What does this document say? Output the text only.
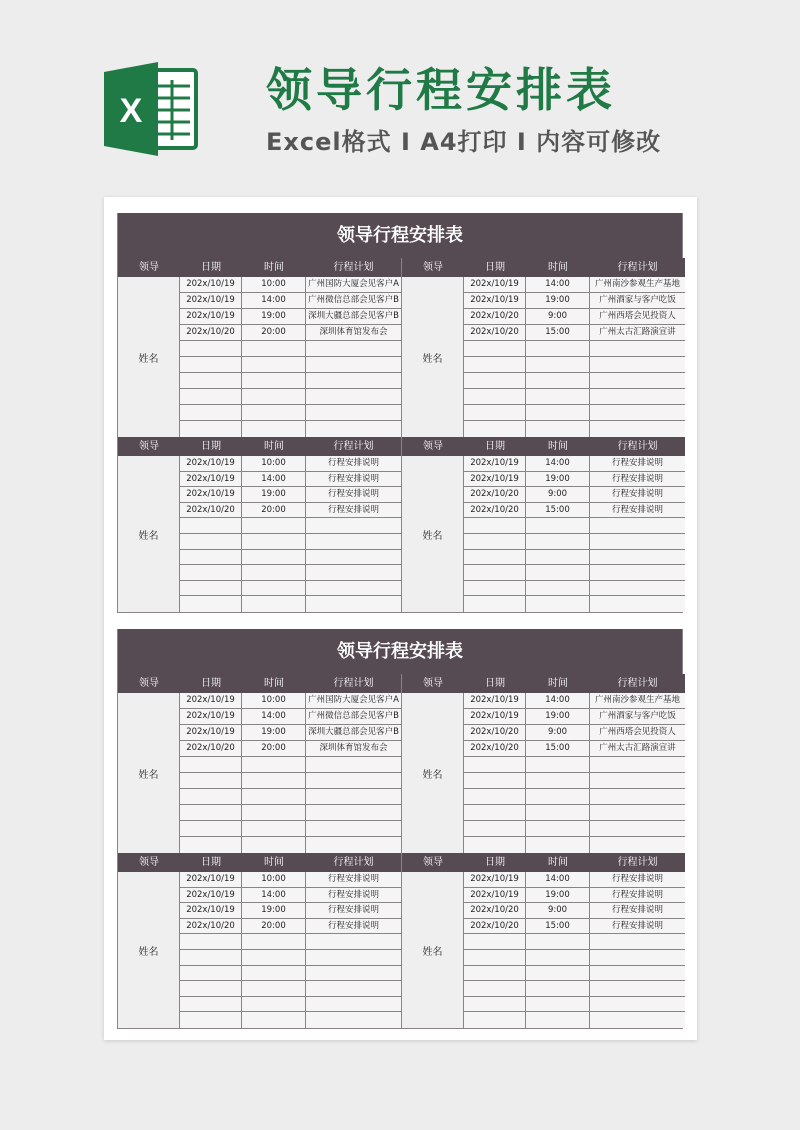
X	领导行程安排表
Excel格式 I A4打印 I 内容可修改
领导行程安排表
领导	日期	时间	行程计划
姓名
202x/10/19	10:00	广州国防大厦会见客户A
202x/10/19	14:00	广州微信总部会见客户B
202x/10/19	19:00	深圳大疆总部会见客户B
202x/10/20	20:00	深圳体育馆发布会
领导	日期	时间	行程计划
姓名
202x/10/19	14:00	广州南沙参观生产基地
202x/10/19	19:00	广州酒家与客户吃饭
202x/10/20	9:00	广州西塔会见投资人
202x/10/20	15:00	广州太古汇路演宣讲
领导	日期	时间	行程计划
姓名
202x/10/19	10:00	行程安排说明
202x/10/19	14:00	行程安排说明
202x/10/19	19:00	行程安排说明
202x/10/20	20:00	行程安排说明
领导	日期	时间	行程计划
姓名
202x/10/19	14:00	行程安排说明
202x/10/19	19:00	行程安排说明
202x/10/20	9:00	行程安排说明
202x/10/20	15:00	行程安排说明
领导行程安排表
领导	日期	时间	行程计划
姓名
202x/10/19	10:00	广州国防大厦会见客户A
202x/10/19	14:00	广州微信总部会见客户B
202x/10/19	19:00	深圳大疆总部会见客户B
202x/10/20	20:00	深圳体育馆发布会
领导	日期	时间	行程计划
姓名
202x/10/19	14:00	广州南沙参观生产基地
202x/10/19	19:00	广州酒家与客户吃饭
202x/10/20	9:00	广州西塔会见投资人
202x/10/20	15:00	广州太古汇路演宣讲
领导	日期	时间	行程计划
姓名
202x/10/19	10:00	行程安排说明
202x/10/19	14:00	行程安排说明
202x/10/19	19:00	行程安排说明
202x/10/20	20:00	行程安排说明
领导	日期	时间	行程计划
姓名
202x/10/19	14:00	行程安排说明
202x/10/19	19:00	行程安排说明
202x/10/20	9:00	行程安排说明
202x/10/20	15:00	行程安排说明
